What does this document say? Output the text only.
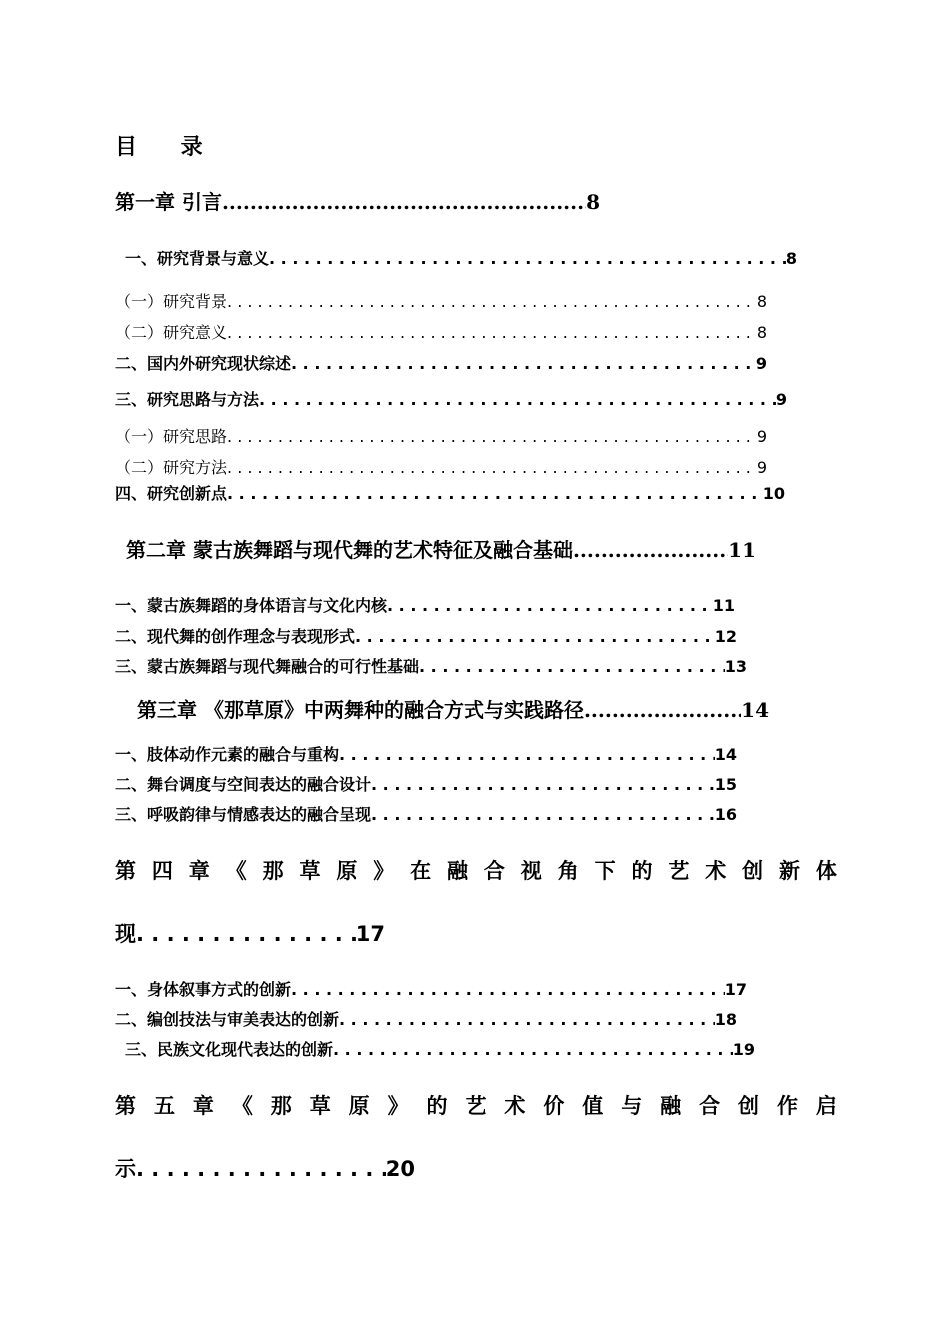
目 录
第一章 引言 .....	8
一、研究背景与意义 . . .	8
（一）研究背景 . . .	8
（二）研究意义 . . .	8
二、国内外研究现状综述 . . .	9
三、研究思路与方法 . . .	9
（一）研究思路 . . .	9
（二）研究方法 . . .	9
四、研究创新点 . . .	10
第二章 蒙古族舞蹈与现代舞的艺术特征及融合基础 .....	11
一、蒙古族舞蹈的身体语言与文化内核 . . .	11
二、现代舞的创作理念与表现形式 . . .	12
三、蒙古族舞蹈与现代舞融合的可行性基础 . . .	13
第三章 《那草原》中两舞种的融合方式与实践路径 .....	14
一、肢体动作元素的融合与重构 . . .	14
二、舞台调度与空间表达的融合设计 . . .	15
三、呼吸韵律与情感表达的融合呈现 . . .	16
第 四 章 《 那 草 原 》 在 融 合 视 角 下 的 艺 术 创 新 体
现 . . .	17
一、身体叙事方式的创新 . . .	17
二、编创技法与审美表达的创新 . . .	18
三、民族文化现代表达的创新 . . .	19
第 五 章 《 那 草 原 》 的 艺 术 价 值 与 融 合 创 作 启
示 . . .	20
